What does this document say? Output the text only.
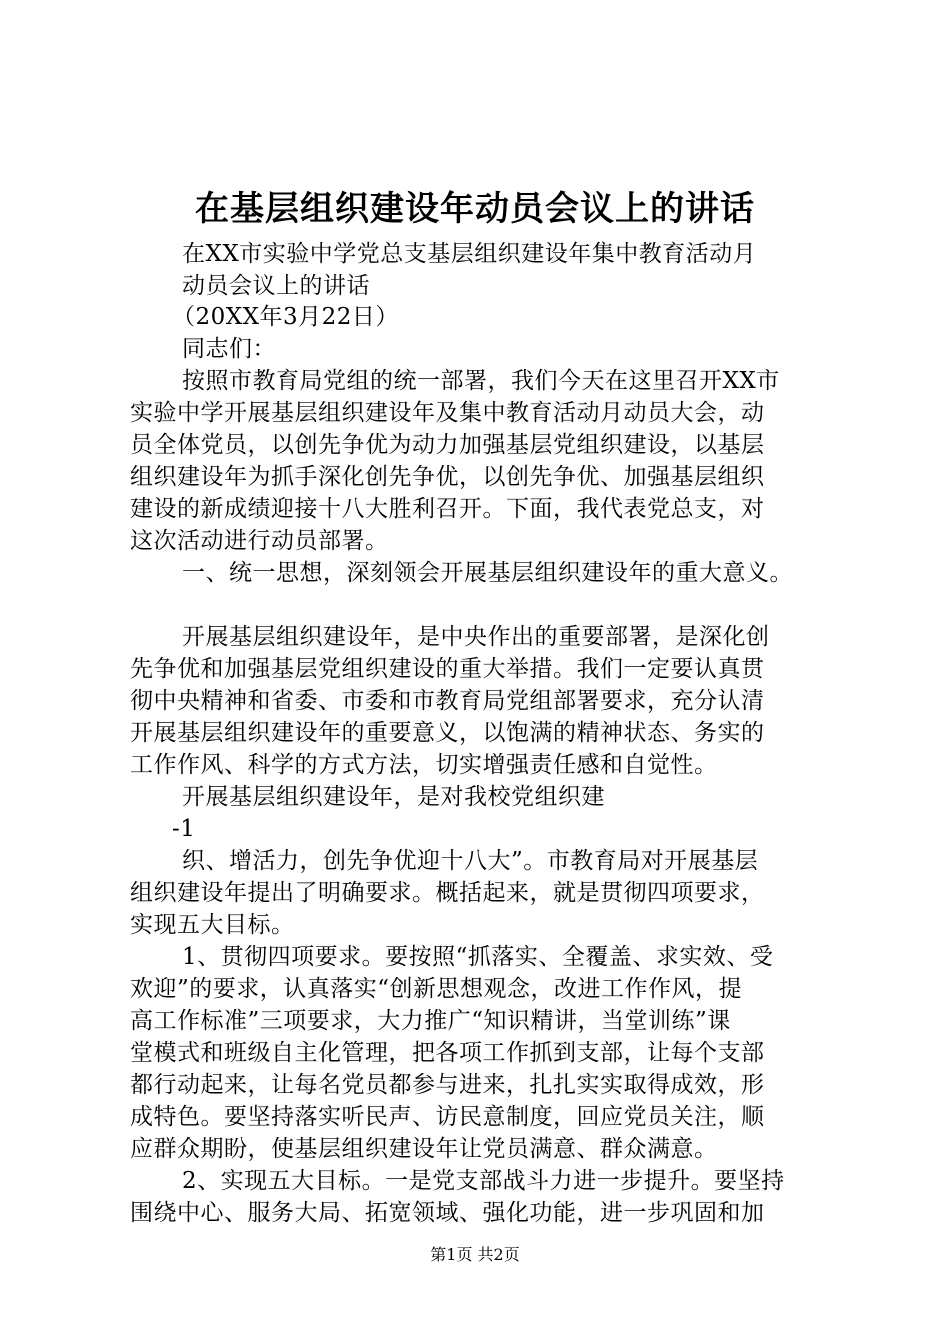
在基层组织建设年动员会议上的讲话
在XX市实验中学党总支基层组织建设年集中教育活动月
动员会议上的讲话
（20XX年3月22日）
同志们：
按照市教育局党组的统一部署，我们今天在这里召开XX市
实验中学开展基层组织建设年及集中教育活动月动员大会，动
员全体党员，以创先争优为动力加强基层党组织建设，以基层
组织建设年为抓手深化创先争优，以创先争优、加强基层组织
建设的新成绩迎接十八大胜利召开。下面，我代表党总支，对
这次活动进行动员部署。
一、统一思想，深刻领会开展基层组织建设年的重大意义。
开展基层组织建设年，是中央作出的重要部署，是深化创
先争优和加强基层党组织建设的重大举措。我们一定要认真贯
彻中央精神和省委、市委和市教育局党组部署要求，充分认清
开展基层组织建设年的重要意义，以饱满的精神状态、务实的
工作作风、科学的方式方法，切实增强责任感和自觉性。
开展基层组织建设年，是对我校党组织建
-1
织、增活力，创先争优迎十八大”。市教育局对开展基层
组织建设年提出了明确要求。概括起来，就是贯彻四项要求，
实现五大目标。
1、贯彻四项要求。要按照“抓落实、全覆盖、求实效、受
欢迎”的要求，认真落实“创新思想观念，改进工作作风，提
高工作标准”三项要求，大力推广“知识精讲，当堂训练”课
堂模式和班级自主化管理，把各项工作抓到支部，让每个支部
都行动起来，让每名党员都参与进来，扎扎实实取得成效，形
成特色。要坚持落实听民声、访民意制度，回应党员关注，顺
应群众期盼，使基层组织建设年让党员满意、群众满意。
2、实现五大目标。一是党支部战斗力进一步提升。要坚持
围绕中心、服务大局、拓宽领域、强化功能，进一步巩固和加
第1页 共2页
